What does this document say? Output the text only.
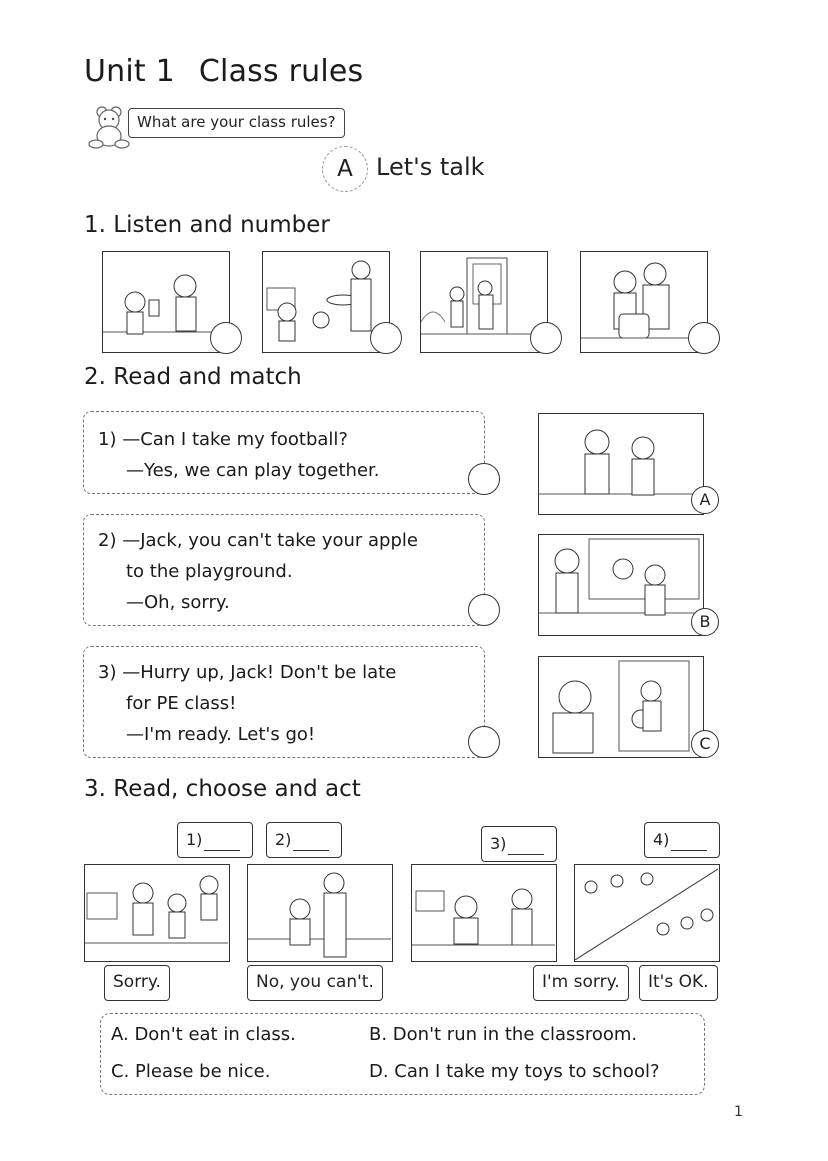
Unit 1 Class rules
What are your class rules?
A Let's talk
1. Listen and number
2. Read and match
1) —Can I take my football?
—Yes, we can play together.
2) —Jack, you can't take your apple
to the playground.
—Oh, sorry.
3) —Hurry up, Jack! Don't be late
for PE class!
—I'm ready. Let's go!
A
B
C
3. Read, choose and act
1)	2)	3)	4)
Sorry.	No, you can't.	I'm sorry.	It's OK.
A. Don't eat in class.	B. Don't run in the classroom.
C. Please be nice.	D. Can I take my toys to school?
1
